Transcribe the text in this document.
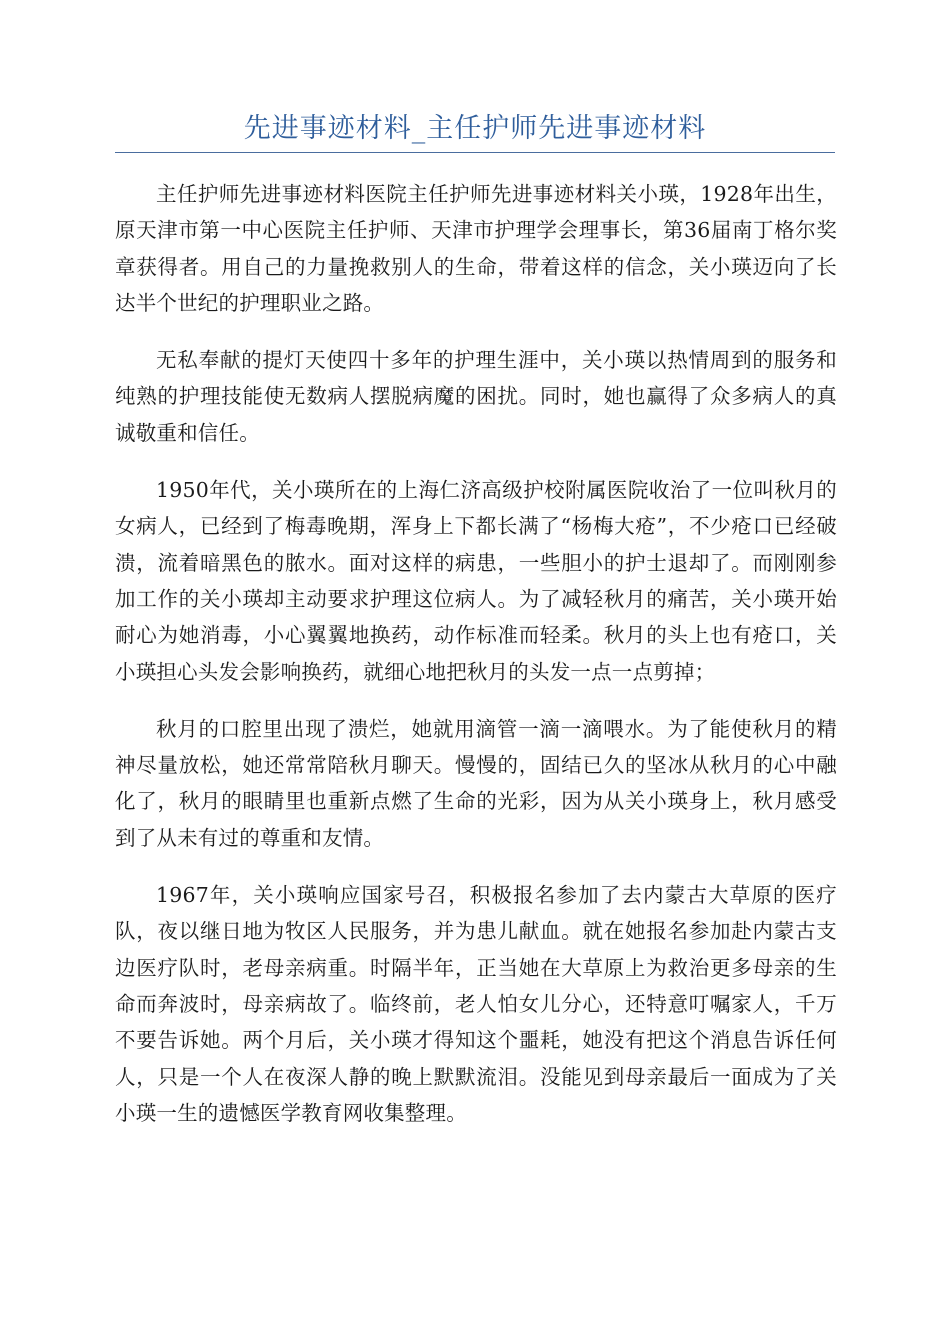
先进事迹材料_主任护师先进事迹材料

主任护师先进事迹材料医院主任护师先进事迹材料关小瑛，1928年出生，原天津市第一中心医院主任护师、天津市护理学会理事长，第36届南丁格尔奖章获得者。用自己的力量挽救别人的生命，带着这样的信念，关小瑛迈向了长达半个世纪的护理职业之路。

无私奉献的提灯天使四十多年的护理生涯中，关小瑛以热情周到的服务和纯熟的护理技能使无数病人摆脱病魔的困扰。同时，她也赢得了众多病人的真诚敬重和信任。

1950年代，关小瑛所在的上海仁济高级护校附属医院收治了一位叫秋月的女病人，已经到了梅毒晚期，浑身上下都长满了“杨梅大疮”，不少疮口已经破溃，流着暗黑色的脓水。面对这样的病患，一些胆小的护士退却了。而刚刚参加工作的关小瑛却主动要求护理这位病人。为了减轻秋月的痛苦，关小瑛开始耐心为她消毒，小心翼翼地换药，动作标准而轻柔。秋月的头上也有疮口，关小瑛担心头发会影响换药，就细心地把秋月的头发一点一点剪掉；

秋月的口腔里出现了溃烂，她就用滴管一滴一滴喂水。为了能使秋月的精神尽量放松，她还常常陪秋月聊天。慢慢的，固结已久的坚冰从秋月的心中融化了，秋月的眼睛里也重新点燃了生命的光彩，因为从关小瑛身上，秋月感受到了从未有过的尊重和友情。

1967年，关小瑛响应国家号召，积极报名参加了去内蒙古大草原的医疗队，夜以继日地为牧区人民服务，并为患儿献血。就在她报名参加赴内蒙古支边医疗队时，老母亲病重。时隔半年，正当她在大草原上为救治更多母亲的生命而奔波时，母亲病故了。临终前，老人怕女儿分心，还特意叮嘱家人，千万不要告诉她。两个月后，关小瑛才得知这个噩耗，她没有把这个消息告诉任何人，只是一个人在夜深人静的晚上默默流泪。没能见到母亲最后一面成为了关小瑛一生的遗憾医学教育网收集整理。
